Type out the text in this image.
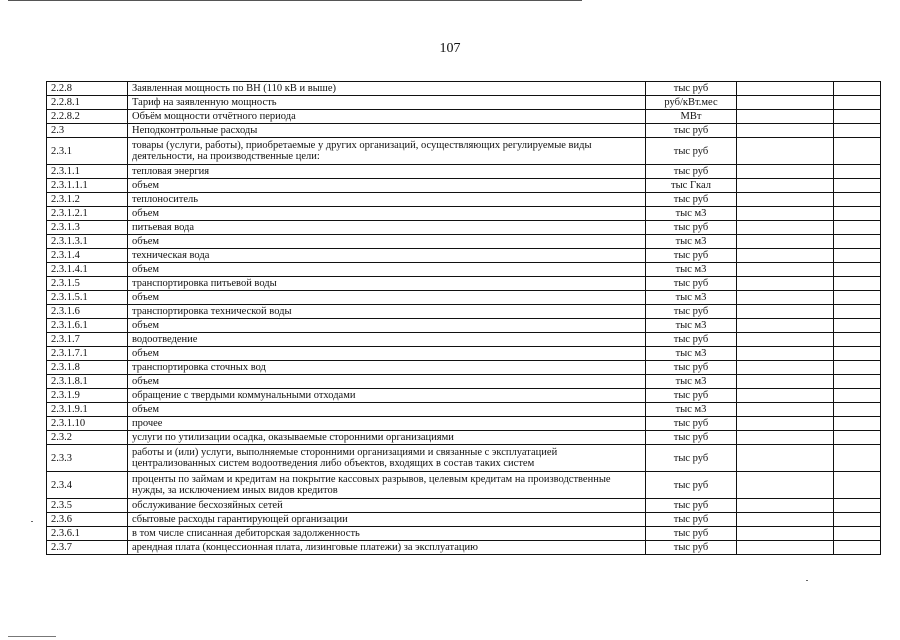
107
2.2.8	Заявленная мощность по ВН (110 кВ и выше)	тыс руб		
2.2.8.1	Тариф на заявленную мощность	руб/кВт.мес		
2.2.8.2	Объём мощности отчётного периода	МВт		
2.3	Неподконтрольные расходы	тыс руб		
2.3.1	товары (услуги, работы), приобретаемые у других организаций, осуществляющих регулируемые виды деятельности, на производственные цели:	тыс руб		
2.3.1.1	тепловая энергия	тыс руб		
2.3.1.1.1	объем	тыс Гкал		
2.3.1.2	теплоноситель	тыс руб		
2.3.1.2.1	объем	тыс м3		
2.3.1.3	питьевая вода	тыс руб		
2.3.1.3.1	объем	тыс м3		
2.3.1.4	техническая вода	тыс руб		
2.3.1.4.1	объем	тыс м3		
2.3.1.5	транспортировка питьевой воды	тыс руб		
2.3.1.5.1	объем	тыс м3		
2.3.1.6	транспортировка технической воды	тыс руб		
2.3.1.6.1	объем	тыс м3		
2.3.1.7	водоотведение	тыс руб		
2.3.1.7.1	объем	тыс м3		
2.3.1.8	транспортировка сточных вод	тыс руб		
2.3.1.8.1	объем	тыс м3		
2.3.1.9	обращение с твердыми коммунальными отходами	тыс руб		
2.3.1.9.1	объем	тыс м3		
2.3.1.10	прочее	тыс руб		
2.3.2	услуги по утилизации осадка, оказываемые сторонними организациями	тыс руб		
2.3.3	работы и (или) услуги, выполняемые сторонними организациями и связанные с эксплуатацией централизованных систем водоотведения либо объектов, входящих в состав таких систем	тыс руб		
2.3.4	проценты по займам и кредитам на покрытие кассовых разрывов, целевым кредитам на производственные нужды, за исключением иных видов кредитов	тыс руб		
2.3.5	обслуживание бесхозяйных сетей	тыс руб		
2.3.6	сбытовые расходы гарантирующей организации	тыс руб		
2.3.6.1	в том числе списанная дебиторская задолженность	тыс руб		
2.3.7	арендная плата (концессионная плата, лизинговые платежи) за эксплуатацию	тыс руб		
